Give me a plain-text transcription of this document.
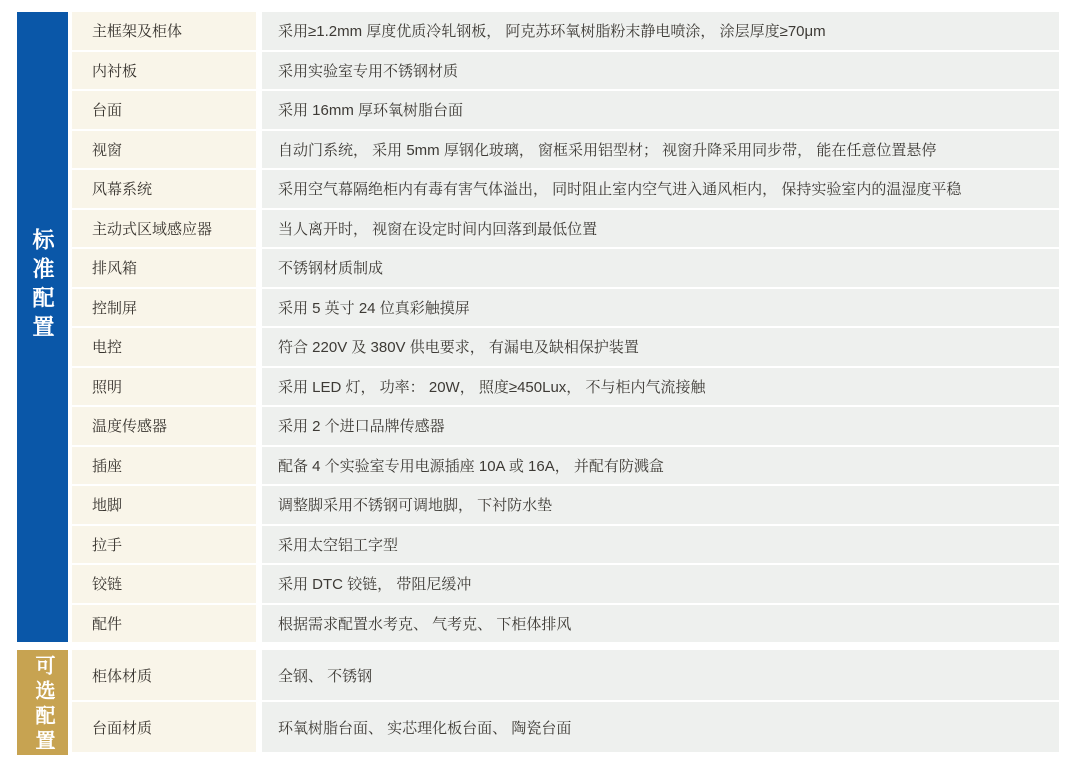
标准配置
主框架及柜体	采用≥1.2mm 厚度优质冷轧钢板， 阿克苏环氧树脂粉末静电喷涂， 涂层厚度≥70μm
内衬板	采用实验室专用不锈钢材质
台面	采用 16mm 厚环氧树脂台面
视窗	自动门系统， 采用 5mm 厚钢化玻璃， 窗框采用铝型材； 视窗升降采用同步带， 能在任意位置悬停
风幕系统	采用空气幕隔绝柜内有毒有害气体溢出， 同时阻止室内空气进入通风柜内， 保持实验室内的温湿度平稳
主动式区域感应器	当人离开时， 视窗在设定时间内回落到最低位置
排风箱	不锈钢材质制成
控制屏	采用 5 英寸 24 位真彩触摸屏
电控	符合 220V 及 380V 供电要求， 有漏电及缺相保护装置
照明	采用 LED 灯， 功率： 20W， 照度≥450Lux， 不与柜内气流接触
温度传感器	采用 2 个进口品牌传感器
插座	配备 4 个实验室专用电源插座 10A 或 16A， 并配有防溅盒
地脚	调整脚采用不锈钢可调地脚， 下衬防水垫
拉手	采用太空铝工字型
铰链	采用 DTC 铰链， 带阻尼缓冲
配件	根据需求配置水考克、 气考克、 下柜体排风
可选配置	柜体材质	全钢、 不锈钢
台面材质	环氧树脂台面、 实芯理化板台面、 陶瓷台面
